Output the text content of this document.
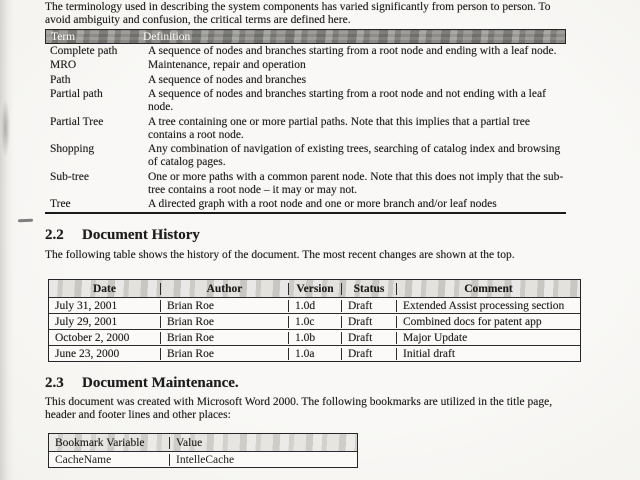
The terminology used in describing the system components has varied significantly from person to person. To avoid ambiguity and confusion, the critical terms are defined here.

Term	Definition
Complete path	A sequence of nodes and branches starting from a root node and ending with a leaf node.
MRO	Maintenance, repair and operation
Path	A sequence of nodes and branches
Partial path	A sequence of nodes and branches starting from a root node and not ending with a leaf node.
Partial Tree	A tree containing one or more partial paths. Note that this implies that a partial tree contains a root node.
Shopping	Any combination of navigation of existing trees, searching of catalog index and browsing of catalog pages.
Sub-tree	One or more paths with a common parent node. Note that this does not imply that the sub-tree contains a root node – it may or may not.
Tree	A directed graph with a root node and one or more branch and/or leaf nodes
2.2	Document History

The following table shows the history of the document. The most recent changes are shown at the top.

Date	Author	Version	Status	Comment
July 31, 2001	Brian Roe	1.0d	Draft	Extended Assist processing section
July 29, 2001	Brian Roe	1.0c	Draft	Combined docs for patent app
October 2, 2000	Brian Roe	1.0b	Draft	Major Update
June 23, 2000	Brian Roe	1.0a	Draft	Initial draft
2.3	Document Maintenance.

This document was created with Microsoft Word 2000. The following bookmarks are utilized in the title page, header and footer lines and other places:

Bookmark Variable	Value
CacheName	IntelleCache
